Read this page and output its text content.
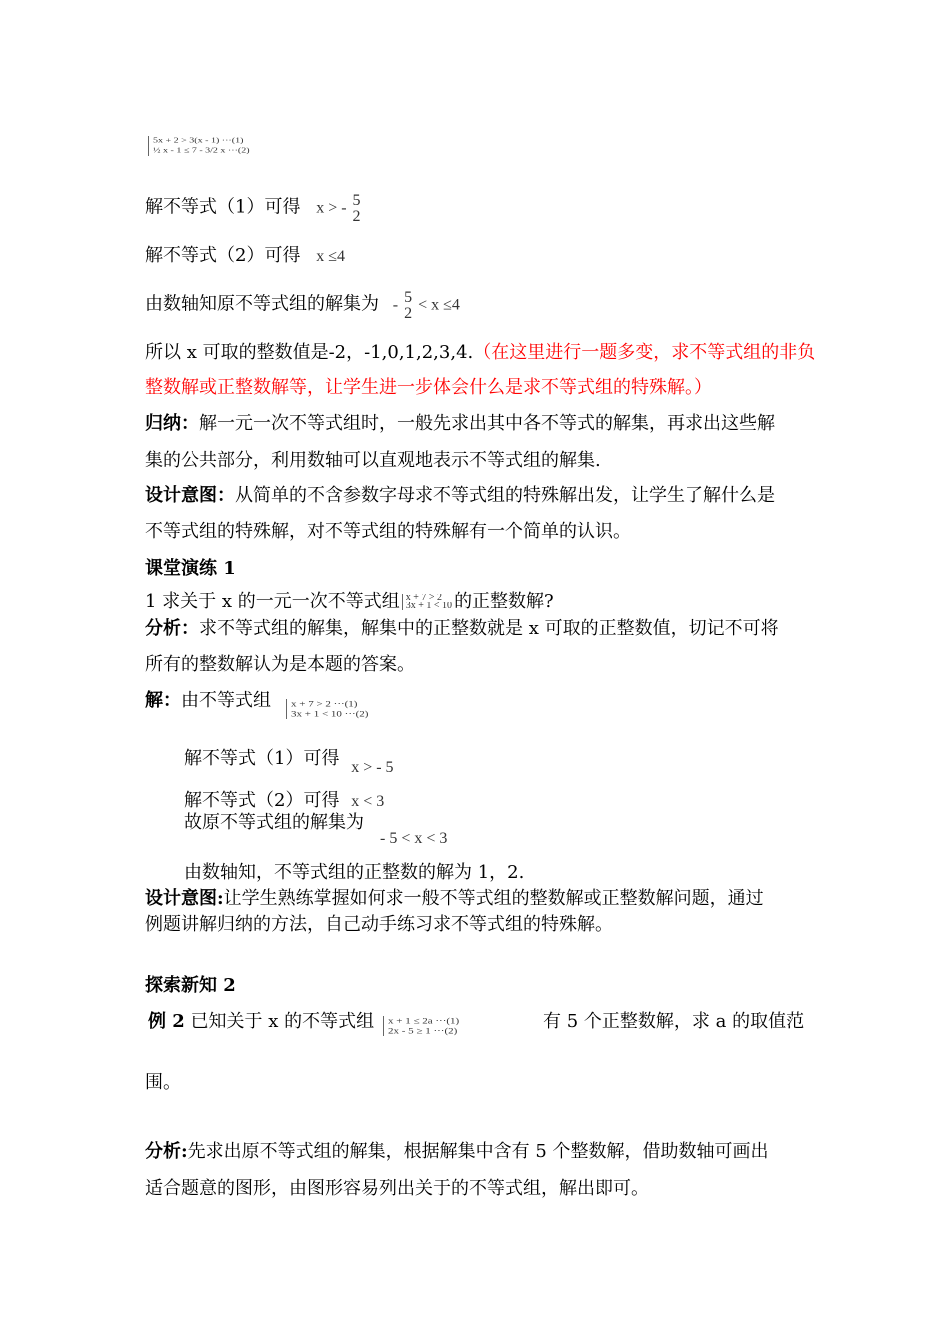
5x + 2 > 3(x - 1) ···(1)
½ x - 1 ≤ 7 - 3/2 x ···(2)
解不等式（1）可得 x > - 5
2
解不等式（2）可得 x ≤4
由数轴知原不等式组的解集为 - 5
2 < x ≤4
所以 x 可取的整数值是-2，-1,0,1,2,3,4.（在这里进行一题多变，求不等式组的非负
整数解或正整数解等，让学生进一步体会什么是求不等式组的特殊解。）
归纳：解一元一次不等式组时，一般先求出其中各不等式的解集，再求出这些解
集的公共部分，利用数轴可以直观地表示不等式组的解集.
设计意图：从简单的不含参数字母求不等式组的特殊解出发，让学生了解什么是
不等式组的特殊解，对不等式组的特殊解有一个简单的认识。
课堂演练 1
1 求关于 x 的一元一次不等式组 x + 7 > 2
3x + 1 < 10 的正整数解?
分析：求不等式组的解集，解集中的正整数就是 x 可取的正整数值，切记不可将
所有的整数解认为是本题的答案。
解：由不等式组 x + 7 > 2 ···(1)
3x + 1 < 10 ···(2)
解不等式（1）可得 x > - 5
解不等式（2）可得 x < 3
故原不等式组的解集为
- 5 < x < 3
由数轴知，不等式组的正整数的解为 1，2.
设计意图:让学生熟练掌握如何求一般不等式组的整数解或正整数解问题，通过
例题讲解归纳的方法，自己动手练习求不等式组的特殊解。
探索新知 2
例 2 已知关于 x 的不等式组 x + 1 ≤ 2a ···(1)
2x - 5 ≥ 1 ···(2)	有 5 个正整数解，求 a 的取值范
围。
分析:先求出原不等式组的解集，根据解集中含有 5 个整数解，借助数轴可画出
适合题意的图形，由图形容易列出关于的不等式组，解出即可。
